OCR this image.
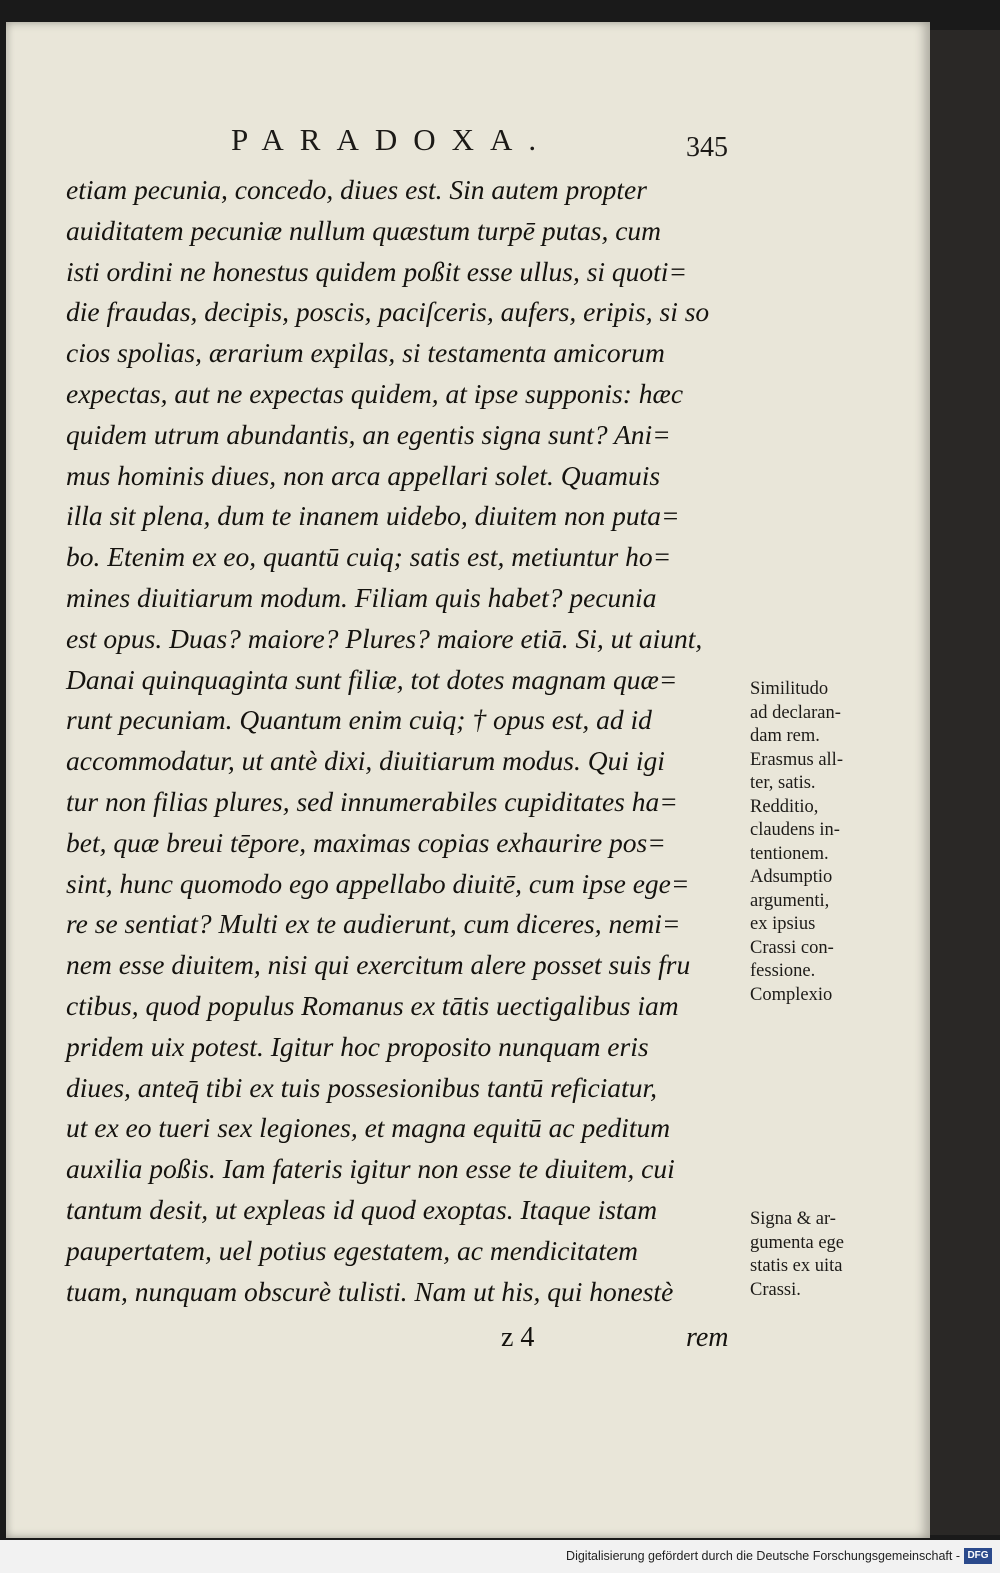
PARADOXA.	345
etiam pecunia, concedo, diues est. Sin autem propter
auiditatem pecuniæ nullum quæstum turpē putas, cum
isti ordini ne honestus quidem poßit esse ullus, si quoti=
die fraudas, decipis, poscis, paciſceris, aufers, eripis, si so
cios spolias, ærarium expilas, si testamenta amicorum
expectas, aut ne expectas quidem, at ipse supponis: hæc
quidem utrum abundantis, an egentis signa sunt? Ani=
mus hominis diues, non arca appellari solet. Quamuis
illa sit plena, dum te inanem uidebo, diuitem non puta=
bo. Etenim ex eo, quantū cuiq; satis est, metiuntur ho=
mines diuitiarum modum. Filiam quis habet? pecunia
est opus. Duas? maiore? Plures? maiore etiā. Si, ut aiunt,
Danai quinquaginta sunt filiæ, tot dotes magnam quæ=
runt pecuniam. Quantum enim cuiq; † opus est, ad id
accommodatur, ut antè dixi, diuitiarum modus. Qui igi
tur non filias plures, sed innumerabiles cupiditates ha=
bet, quæ breui tēpore, maximas copias exhaurire pos=
sint, hunc quomodo ego appellabo diuitē, cum ipse ege=
re se sentiat? Multi ex te audierunt, cum diceres, nemi=
nem esse diuitem, nisi qui exercitum alere posset suis fru
ctibus, quod populus Romanus ex tātis uectigalibus iam
pridem uix potest. Igitur hoc proposito nunquam eris
diues, anteq̄ tibi ex tuis possesionibus tantū reficiatur,
ut ex eo tueri sex legiones, et magna equitū ac peditum
auxilia poßis. Iam fateris igitur non esse te diuitem, cui
tantum desit, ut expleas id quod exoptas. Itaque istam
paupertatem, uel potius egestatem, ac mendicitatem
tuam, nunquam obscurè tulisti. Nam ut his, qui honestè
Similitudo
ad declaran-
dam rem.
Erasmus all-
ter, satis.
Redditio,
claudens in-
tentionem.
Adsumptio
argumenti,
ex ipsius
Crassi con-
fessione.
Complexio
Signa & ar-
gumenta ege
statis ex uita
Crassi.
z 4	rem
Digitalisierung gefördert durch die Deutsche Forschungsgemeinschaft - DFG
